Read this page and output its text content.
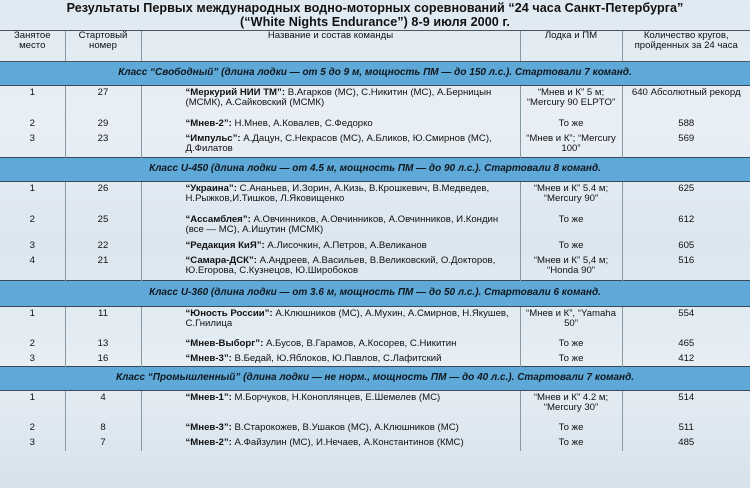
Результаты Первых международных водно-моторных соревнований “24 часа Санкт-Петербурга”
(“White Nights Endurance”) 8-9 июля 2000 г.
Занятое место	Стартовый номер	Название и состав команды	Лодка и ПМ	Количество кругов, пройденных за 24 часа
Класс “Свободный” (длина лодки — от 5 до 9 м, мощность ПМ — до 150 л.с.). Стартовали 7 команд.				
1	27	“Меркурий НИИ ТМ”: В.Агарков (МС), С.Никитин (МС), А.Берницын (МСМК), А.Сайковский (МСМК)	“Мнев и К” 5 м; “Mercury 90 ELPTO”	640 Абсолютный рекорд
2	29	“Мнев-2”: Н.Мнев, А.Ковалев, С.Федорко	То же	588
3	23	“Импульс”: А.Дацун, С.Некрасов (МС), А.Бликов, Ю.Смирнов (МС), Д.Филатов	“Мнев и К”; “Mercury 100”	569
Класс U-450 (длина лодки — от 4.5 м, мощность ПМ — до 90 л.с.). Стартовали 8 команд.				
1	26	“Украина”: С.Ананьев, И.Зорин, А.Кизь, В.Крошкевич, В.Медведев, Н.Рыжков,И.Тишков, Л.Яковищенко	“Мнев и К” 5.4 м; “Mercury 90”	625
2	25	“Ассамблея”: А.Овчинников, А.Овчинников, А.Овчинников, И.Кондин (все — МС), А.Ишутин (МСМК)	То же	612
3	22	“Редакция КиЯ”: А.Лисочкин, А.Петров, А.Великанов	То же	605
4	21	“Самара-ДСК”: А.Андреев, А.Васильев, В.Великовский, О.Докторов, Ю.Егорова, С.Кузнецов, Ю.Широбоков	“Мнев и К” 5,4 м; “Honda 90”	516
Класс U-360 (длина лодки — от 3.6 м, мощность ПМ — до 50 л.с.). Стартовали 6 команд.				
1	11	“Юность России”: А.Клюшников (МС), А.Мухин, А.Смирнов, Н.Якушев, С.Гнилица	“Мнев и К”, “Yamaha 50”	554
2	13	“Мнев-Выборг”: А.Бусов, В.Гарамов, А.Косорев, С.Никитин	То же	465
3	16	“Мнев-3”: В.Бедай, Ю.Яблоков, Ю.Павлов, С.Лафитский	То же	412
Класс “Промышленный” (длина лодки — не норм., мощность ПМ — до 40 л.с.). Стартовали 7 команд.				
1	4	“Мнев-1”: М.Борчуков, Н.Коноплянцев, Е.Шемелев (МС)	“Мнев и К” 4.2 м; “Mercury 30”	514
2	8	“Мнев-3”: В.Старокожев, В.Ушаков (МС), А.Клюшников (МС)	То же	511
3	7	“Мнев-2”: А.Файзулин (МС), И.Нечаев, А.Константинов (КМС)	То же	485
